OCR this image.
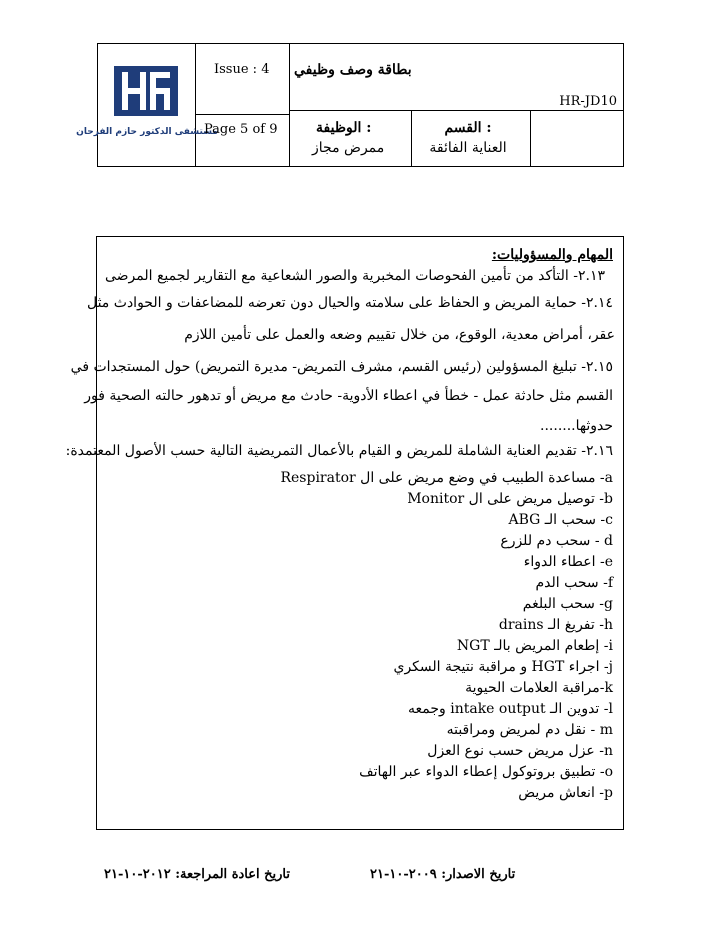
مستشفى الدكتور حازم الفرحان
Issue : 4
Page 5 of 9
بطاقة وصف وظيفي
HR-JD10
: الوظيفة
ممرض مجاز
: القسم
العناية الفائقة
المهام والمسؤوليات:
٢.١٣- التأكد من تأمين الفحوصات المخبرية والصور الشعاعية مع التقارير لجميع المرضى
٢.١٤- حماية المريض و الحفاظ على سلامته والحيال دون تعرضه للمضاعفات و الحوادث مثل
عقر، أمراض معدية، الوقوع، من خلال تقييم وضعه والعمل على تأمين اللازم
٢.١٥- تبليغ المسؤولين (رئيس القسم، مشرف التمريض- مديرة التمريض) حول المستجدات في
القسم مثل حادثة عمل - خطأ في اعطاء الأدوية- حادث مع مريض أو تدهور حالته الصحية فور
حدوثها........
٢.١٦- تقديم العناية الشاملة للمريض و القيام بالأعمال التمريضية التالية حسب الأصول المعتمدة:
a- مساعدة الطبيب في وضع مريض على ال Respirator
b- توصيل مريض على ال Monitor
c- سحب الـ ABG
d - سحب دم للزرع
e- اعطاء الدواء
f- سحب الدم
g- سحب البلغم
h- تفريغ الـ drains
i- إطعام المريض بالـ NGT
j- اجراء HGT و مراقبة نتيجة السكري
k-مراقبة العلامات الحيوية
l- تدوين الـ intake output وجمعه
m - نقل دم لمريض ومراقبته
n- عزل مريض حسب نوع العزل
o- تطبيق بروتوكول إعطاء الدواء عبر الهاتف
p- انعاش مريض
تاريخ اعادة المراجعة: ٢٠١٢-١٠-٢١	تاريخ الاصدار: ٢٠٠٩-١٠-٢١
